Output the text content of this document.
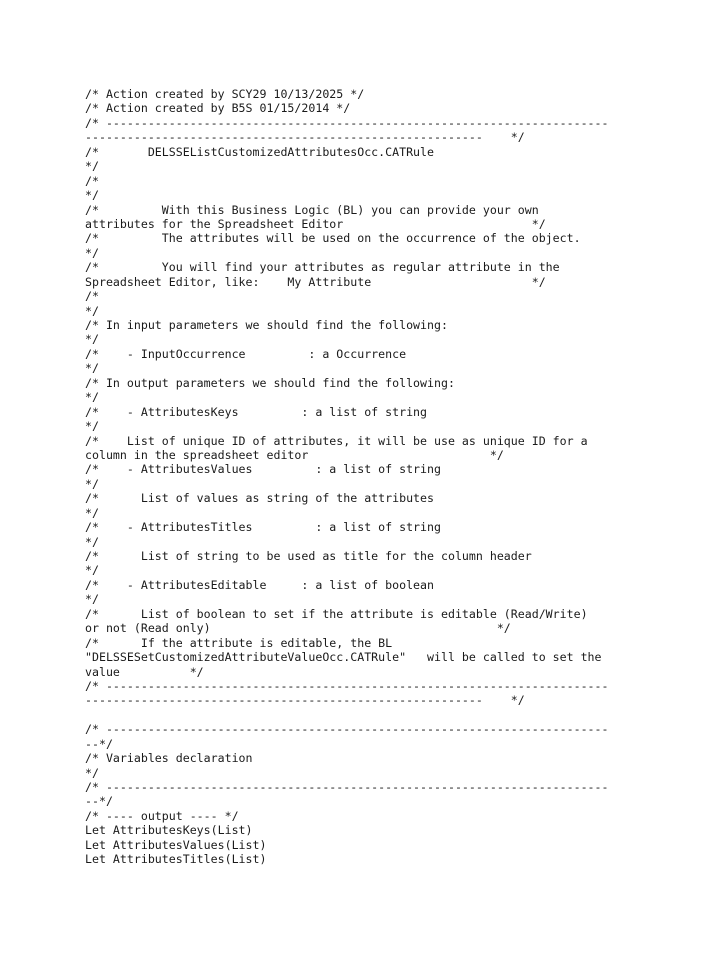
/* Action created by SCY29 10/13/2025 */
/* Action created by B5S 01/15/2014 */
/* ------------------------------------------------------------------------
---------------------------------------------------------    */
/*       DELSSEListCustomizedAttributesOcc.CATRule
*/
/*
*/
/*         With this Business Logic (BL) you can provide your own
attributes for the Spreadsheet Editor                           */
/*         The attributes will be used on the occurrence of the object.
*/
/*         You will find your attributes as regular attribute in the
Spreadsheet Editor, like:    My Attribute                       */
/*
*/
/* In input parameters we should find the following:
*/
/*    - InputOccurrence         : a Occurrence
*/
/* In output parameters we should find the following:
*/
/*    - AttributesKeys         : a list of string
*/
/*    List of unique ID of attributes, it will be use as unique ID for a
column in the spreadsheet editor                          */
/*    - AttributesValues         : a list of string
*/
/*      List of values as string of the attributes
*/
/*    - AttributesTitles         : a list of string
*/
/*      List of string to be used as title for the column header
*/
/*    - AttributesEditable     : a list of boolean
*/
/*      List of boolean to set if the attribute is editable (Read/Write)
or not (Read only)                                         */
/*      If the attribute is editable, the BL
"DELSSESetCustomizedAttributeValueOcc.CATRule"   will be called to set the
value          */
/* ------------------------------------------------------------------------
---------------------------------------------------------    */
/* ------------------------------------------------------------------------
--*/
/* Variables declaration
*/
/* ------------------------------------------------------------------------
--*/
/* ---- output ---- */
Let AttributesKeys(List)
Let AttributesValues(List)
Let AttributesTitles(List)
